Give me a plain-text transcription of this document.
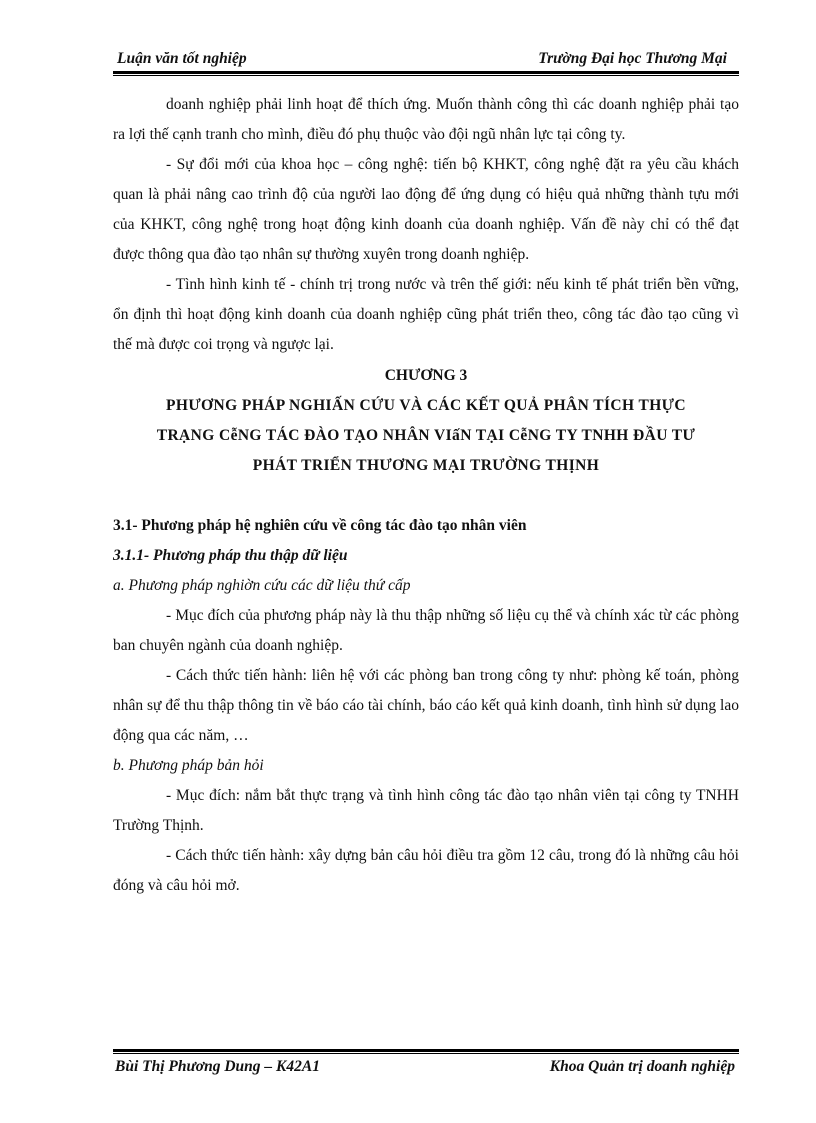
Luận văn tốt nghiệp	Trường Đại học Thương Mại

doanh nghiệp phải linh hoạt để thích ứng. Muốn thành công thì các doanh nghiệp phải tạo ra lợi thế cạnh tranh cho mình, điều đó phụ thuộc vào đội ngũ nhân lực tại công ty.

- Sự đổi mới của khoa học – công nghệ: tiến bộ KHKT, công nghệ đặt ra yêu cầu khách quan là phải nâng cao trình độ của người lao động để ứng dụng có hiệu quả những thành tựu mới của KHKT, công nghệ trong hoạt động kinh doanh của doanh nghiệp. Vấn đề này chỉ có thể đạt được thông qua đào tạo nhân sự thường xuyên trong doanh nghiệp.

- Tình hình kinh tế - chính trị trong nước và trên thế giới: nếu kinh tế phát triển bền vững, ổn định thì hoạt động kinh doanh của doanh nghiệp cũng phát triển theo, công tác đào tạo cũng vì thế mà được coi trọng và ngược lại.

CHƯƠNG 3

PHƯƠNG PHÁP NGHIẤN CỨU VÀ CÁC KẾT QUẢ PHÂN TÍCH THỰC

TRẠNG CễNG TÁC ĐÀO TẠO NHÂN VIấN TẠI CễNG TY TNHH ĐẦU TƯ

PHÁT TRIỂN THƯƠNG MẠI TRƯỜNG THỊNH

3.1- Phương pháp hệ nghiên cứu về công tác đào tạo nhân viên

3.1.1- Phương pháp thu thập dữ liệu

a. Phương pháp nghiờn cứu các dữ liệu thứ cấp

- Mục đích của phương pháp này là thu thập những số liệu cụ thể và chính xác từ các phòng ban chuyên ngành của doanh nghiệp.

- Cách thức tiến hành: liên hệ với các phòng ban trong công ty như: phòng kế toán, phòng nhân sự để thu thập thông tin về báo cáo tài chính, báo cáo kết quả kinh doanh, tình hình sử dụng lao động qua các năm, …

b. Phương pháp bản hỏi

- Mục đích: nắm bắt thực trạng và tình hình công tác đào tạo nhân viên tại công ty TNHH Trường Thịnh.

- Cách thức tiến hành: xây dựng bản câu hỏi điều tra gồm 12 câu, trong đó là những câu hỏi đóng và câu hỏi mở.

Bùi Thị Phương Dung – K42A1	Khoa Quản trị doanh nghiệp
